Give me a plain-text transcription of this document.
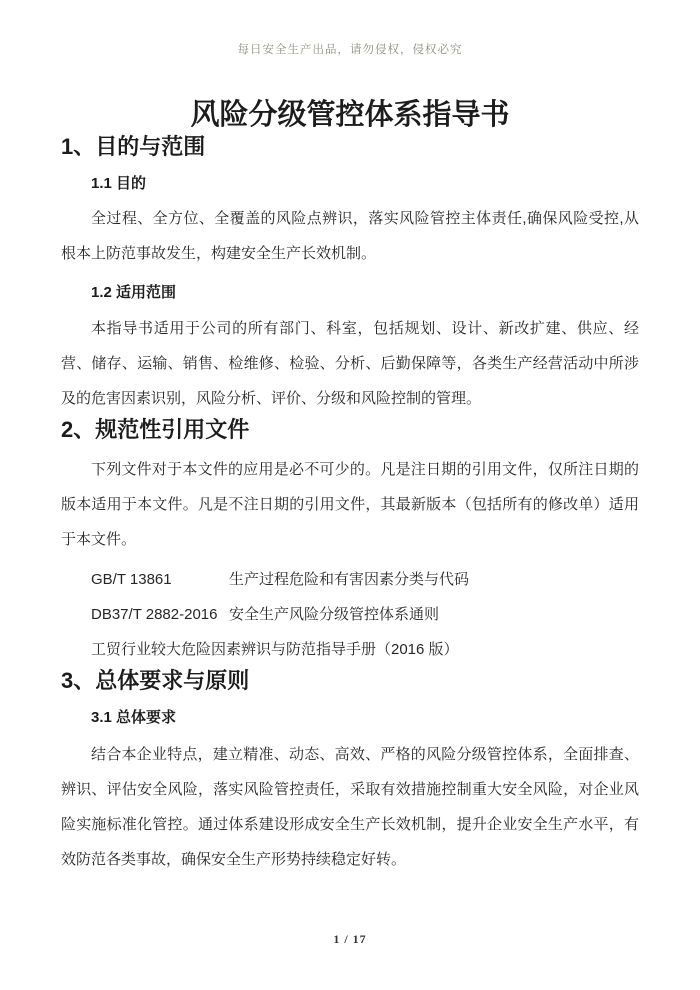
每日安全生产出品，请勿侵权，侵权必究
风险分级管控体系指导书
1、目的与范围
1.1 目的

全过程、全方位、全覆盖的风险点辨识，落实风险管控主体责任,确保风险受控,从根本上防范事故发生，构建安全生产长效机制。

1.2 适用范围

本指导书适用于公司的所有部门、科室，包括规划、设计、新改扩建、供应、经营、储存、运输、销售、检维修、检验、分析、后勤保障等，各类生产经营活动中所涉及的危害因素识别，风险分析、评价、分级和风险控制的管理。

2、规范性引用文件

下列文件对于本文件的应用是必不可少的。凡是注日期的引用文件，仅所注日期的版本适用于本文件。凡是不注日期的引用文件，其最新版本（包括所有的修改单）适用于本文件。

GB/T 13861	生产过程危险和有害因素分类与代码
DB37/T 2882-2016 安全生产风险分级管控体系通则
工贸行业较大危险因素辨识与防范指导手册（2016 版）
3、总体要求与原则
3.1 总体要求

结合本企业特点，建立精准、动态、高效、严格的风险分级管控体系，全面排查、辨识、评估安全风险，落实风险管控责任，采取有效措施控制重大安全风险，对企业风险实施标准化管控。通过体系建设形成安全生产长效机制，提升企业安全生产水平，有效防范各类事故，确保安全生产形势持续稳定好转。

1 / 17
